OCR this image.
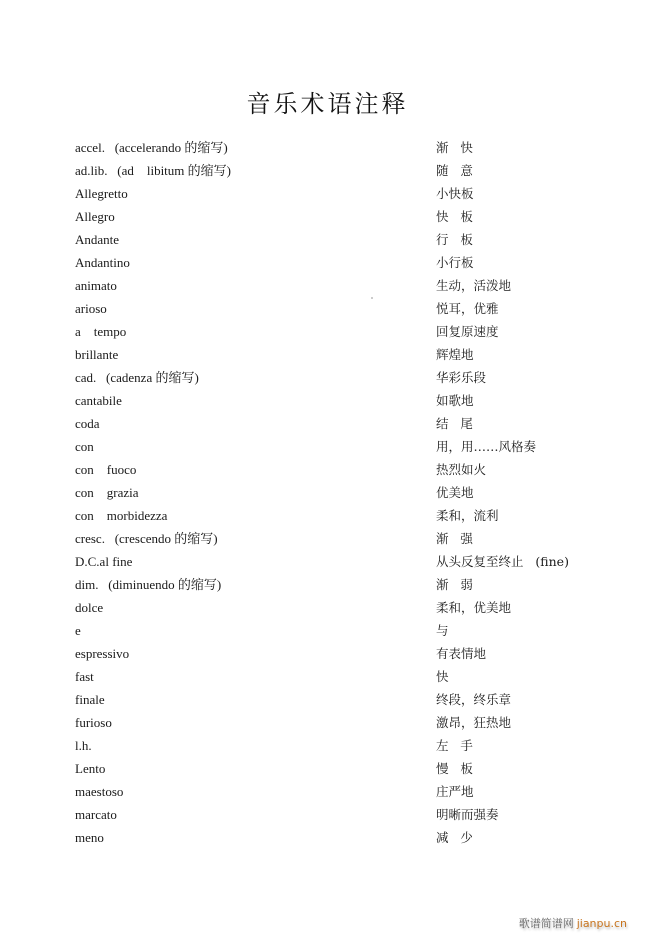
音乐术语注释
accel.   (accelerando 的缩写)	渐   快
ad.lib.   (ad    libitum 的缩写)	随   意
Allegretto	小快板
Allegro	快   板
Andante	行   板
Andantino	小行板
animato	生动，活泼地
arioso	悦耳，优雅
a    tempo	回复原速度
brillante	辉煌地
cad.   (cadenza 的缩写)	华彩乐段
cantabile	如歌地
coda	结   尾
con	用，用……风格奏
con    fuoco	热烈如火
con    grazia	优美地
con    morbidezza	柔和，流利
cresc.   (crescendo 的缩写)	渐   强
D.C.al fine	从头反复至终止   (fine)
dim.   (diminuendo 的缩写)	渐   弱
dolce	柔和，优美地
e	与
espressivo	有表情地
fast	快
finale	终段，终乐章
furioso	激昂，狂热地
l.h.	左   手
Lento	慢   板
maestoso	庄严地
marcato	明晰而强奏
meno	减   少
歌谱简谱网 jianpu.cn
